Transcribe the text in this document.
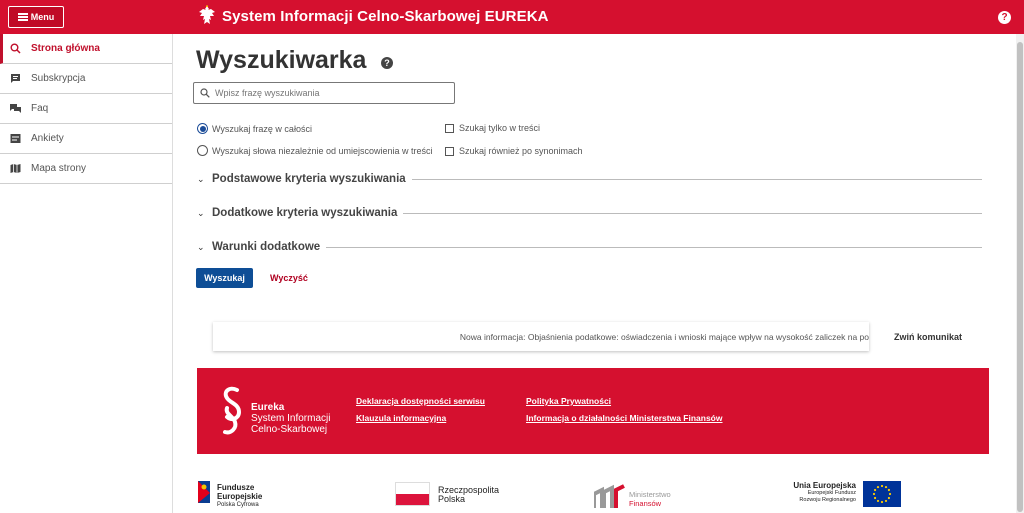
Menu	System Informacji Celno-Skarbowej EUREKA	?
Strona główna
Subskrypcja
Faq
Ankiety
Mapa strony
Wyszukiwarka	?
Wpisz frazę wyszukiwania
Wyszukaj frazę w całości
Wyszukaj słowa niezależnie od umiejscowienia w treści
Szukaj tylko w treści
Szukaj również po synonimach
⌄ Podstawowe kryteria wyszukiwania
⌄ Dodatkowe kryteria wyszukiwania
⌄ Warunki dodatkowe
Wyszukaj	Wyczyść
Nowa informacja: Objaśnienia podatkowe: oświadczenia i wnioski mające wpływ na wysokość zaliczek na po	Zwiń komunikat
Eureka
System Informacji
Celno-Skarbowej
Deklaracja dostępności serwisu
Klauzula informacyjna
Polityka Prywatności
Informacja o działalności Ministerstwa Finansów
Fundusze
Europejskie
Polska Cyfrowa
Rzeczpospolita
Polska	Ministerstwo
Finansów
Unia Europejska
Europejski Fundusz
Rozwoju Regionalnego
